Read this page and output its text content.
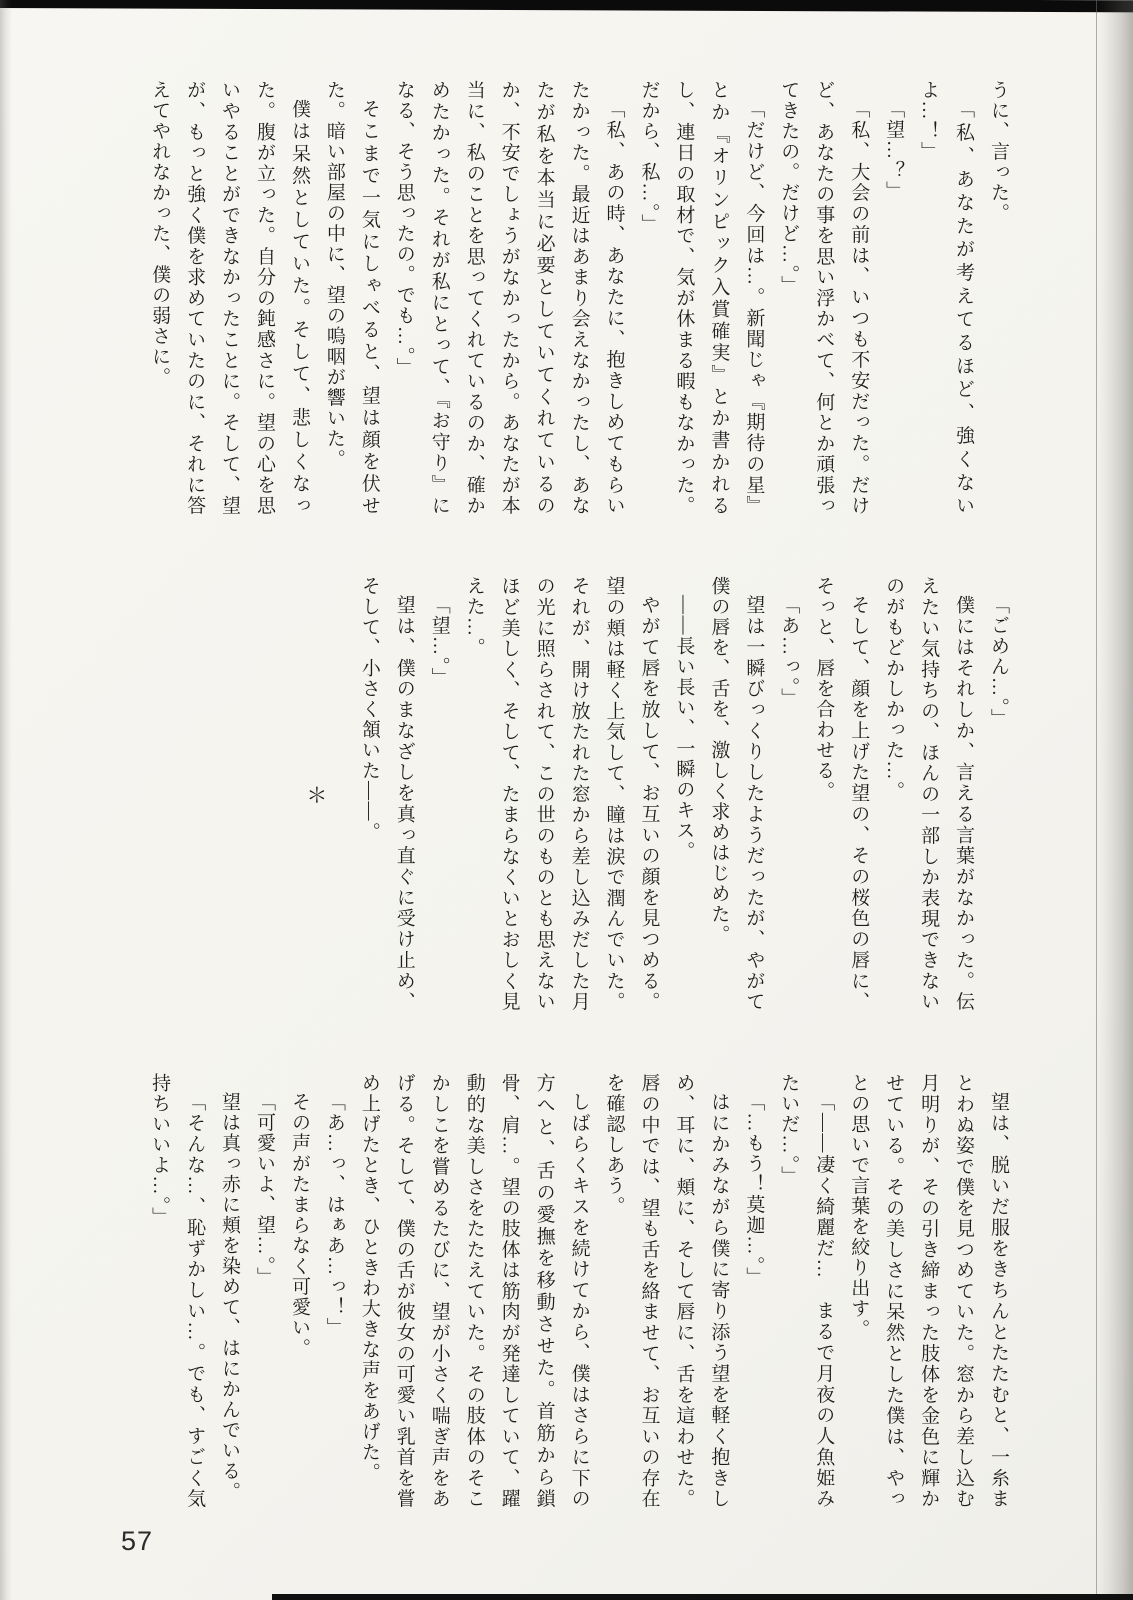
うに、言った。

「私、あなたが考えてるほど、強くないよ…！」

「望…？」

「私、大会の前は、いつも不安だった。だけど、あなたの事を思い浮かべて、何とか頑張ってきたの。だけど…。」

「だけど、今回は…。新聞じゃ『期待の星』とか『オリンピック入賞確実』とか書かれるし、連日の取材で、気が休まる暇もなかった。だから、私…。」

「私、あの時、あなたに、抱きしめてもらいたかった。最近はあまり会えなかったし、あなたが私を本当に必要としていてくれているのか、不安でしょうがなかったから。あなたが本当に、私のことを思ってくれているのか、確かめたかった。それが私にとって、『お守り』になる、そう思ったの。でも…。」

そこまで一気にしゃべると、望は顔を伏せた。暗い部屋の中に、望の嗚咽が響いた。

僕は呆然としていた。そして、悲しくなった。腹が立った。自分の鈍感さに。望の心を思いやることができなかったことに。そして、望が、もっと強く僕を求めていたのに、それに答えてやれなかった、僕の弱さに。

「ごめん…。」

僕にはそれしか、言える言葉がなかった。伝えたい気持ちの、ほんの一部しか表現できないのがもどかしかった…。

そして、顔を上げた望の、その桜色の唇に、そっと、唇を合わせる。

「あ…っ。」

望は一瞬びっくりしたようだったが、やがて僕の唇を、舌を、激しく求めはじめた。

――長い長い、一瞬のキス。

やがて唇を放して、お互いの顔を見つめる。望の頬は軽く上気して、瞳は涙で潤んでいた。それが、開け放たれた窓から差し込みだした月の光に照らされて、この世のものとも思えないほど美しく、そして、たまらなくいとおしく見えた…。

「望…。」

望は、僕のまなざしを真っ直ぐに受け止め、そして、小さく頷いた――。

＊

望は、脱いだ服をきちんとたたむと、一糸まとわぬ姿で僕を見つめていた。窓から差し込む月明りが、その引き締まった肢体を金色に輝かせている。その美しさに呆然とした僕は、やっとの思いで言葉を絞り出す。

「――凄く綺麗だ…　まるで月夜の人魚姫みたいだ…。」

「…もう！莫迦…。」

はにかみながら僕に寄り添う望を軽く抱きしめ、耳に、頬に、そして唇に、舌を這わせた。唇の中では、望も舌を絡ませて、お互いの存在を確認しあう。

しばらくキスを続けてから、僕はさらに下の方へと、舌の愛撫を移動させた。首筋から鎖骨、肩…。望の肢体は筋肉が発達していて、躍動的な美しさをたたえていた。その肢体のそこかしこを嘗めるたびに、望が小さく喘ぎ声をあげる。そして、僕の舌が彼女の可愛い乳首を嘗め上げたとき、ひときわ大きな声をあげた。

「あ…っ、はぁあ…っ！」

その声がたまらなく可愛い。

「可愛いよ、望…。」

望は真っ赤に頬を染めて、はにかんでいる。

「そんな…、恥ずかしい…。でも、すごく気持ちいいよ…。」

57
